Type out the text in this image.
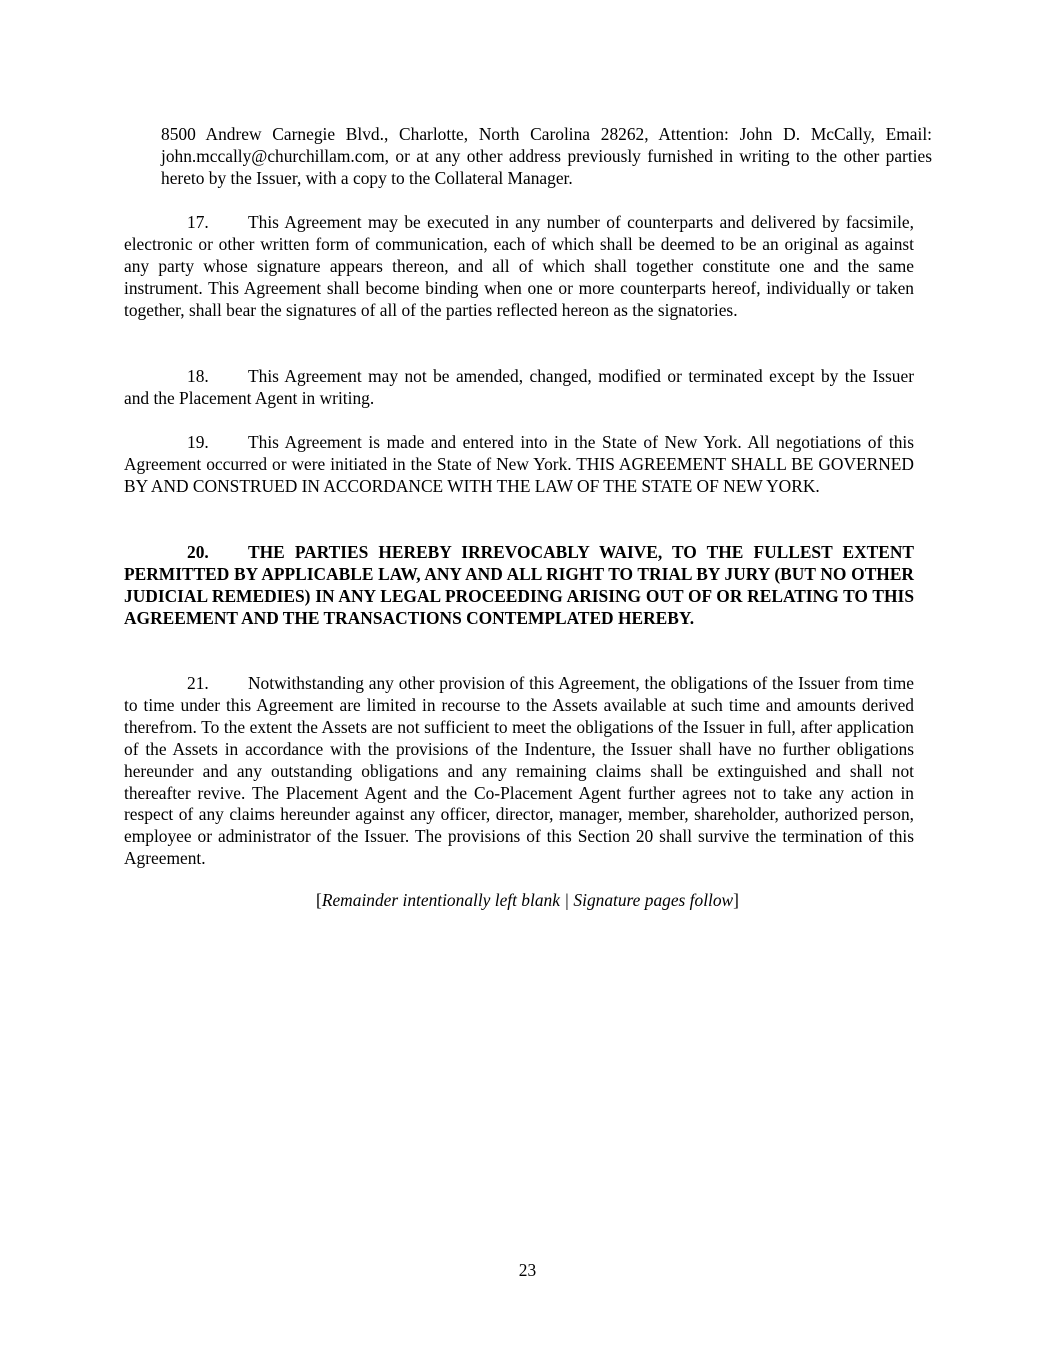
8500 Andrew Carnegie Blvd., Charlotte, North Carolina 28262, Attention: John D. McCally, Email: john.mccally@churchillam.com, or at any other address previously furnished in writing to the other parties hereto by the Issuer, with a copy to the Collateral Manager.

17. This Agreement may be executed in any number of counterparts and delivered by facsimile, electronic or other written form of communication, each of which shall be deemed to be an original as against any party whose signature appears thereon, and all of which shall together constitute one and the same instrument. This Agreement shall become binding when one or more counterparts hereof, individually or taken together, shall bear the signatures of all of the parties reflected hereon as the signatories.

18. This Agreement may not be amended, changed, modified or terminated except by the Issuer and the Placement Agent in writing.

19. This Agreement is made and entered into in the State of New York. All negotiations of this Agreement occurred or were initiated in the State of New York. THIS AGREEMENT SHALL BE GOVERNED BY AND CONSTRUED IN ACCORDANCE WITH THE LAW OF THE STATE OF NEW YORK.

20. THE PARTIES HEREBY IRREVOCABLY WAIVE, TO THE FULLEST EXTENT PERMITTED BY APPLICABLE LAW, ANY AND ALL RIGHT TO TRIAL BY JURY (BUT NO OTHER JUDICIAL REMEDIES) IN ANY LEGAL PROCEEDING ARISING OUT OF OR RELATING TO THIS AGREEMENT AND THE TRANSACTIONS CONTEMPLATED HEREBY.

21. Notwithstanding any other provision of this Agreement, the obligations of the Issuer from time to time under this Agreement are limited in recourse to the Assets available at such time and amounts derived therefrom. To the extent the Assets are not sufficient to meet the obligations of the Issuer in full, after application of the Assets in accordance with the provisions of the Indenture, the Issuer shall have no further obligations hereunder and any outstanding obligations and any remaining claims shall be extinguished and shall not thereafter revive. The Placement Agent and the Co-Placement Agent further agrees not to take any action in respect of any claims hereunder against any officer, director, manager, member, shareholder, authorized person, employee or administrator of the Issuer. The provisions of this Section 20 shall survive the termination of this Agreement.

[Remainder intentionally left blank | Signature pages follow]
23
